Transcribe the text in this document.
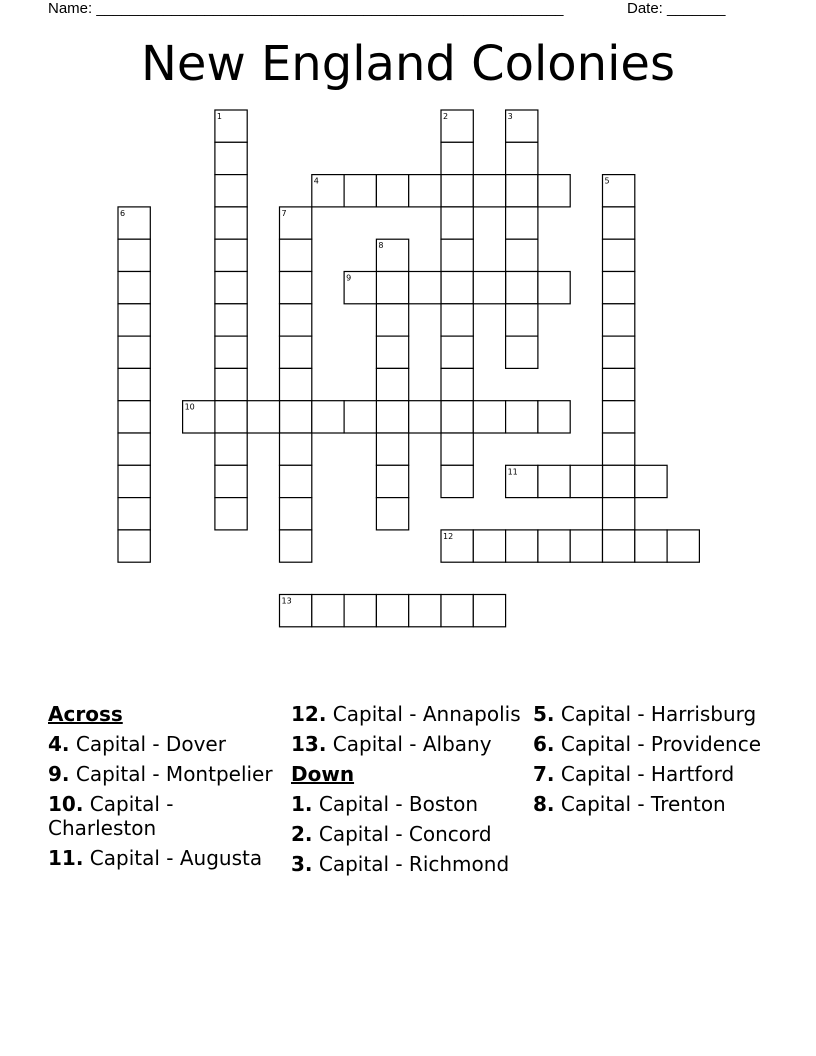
Name: ________________________________________________________	Date: _______
New England Colonies
1	2	3
4	5
6	7
8
9
10
11
12
13
Across
4. Capital - Dover
9. Capital - Montpelier
10. Capital - Charleston
11. Capital - Augusta
12. Capital - Annapolis
13. Capital - Albany
Down
1. Capital - Boston
2. Capital - Concord
3. Capital - Richmond
5. Capital - Harrisburg
6. Capital - Providence
7. Capital - Hartford
8. Capital - Trenton
